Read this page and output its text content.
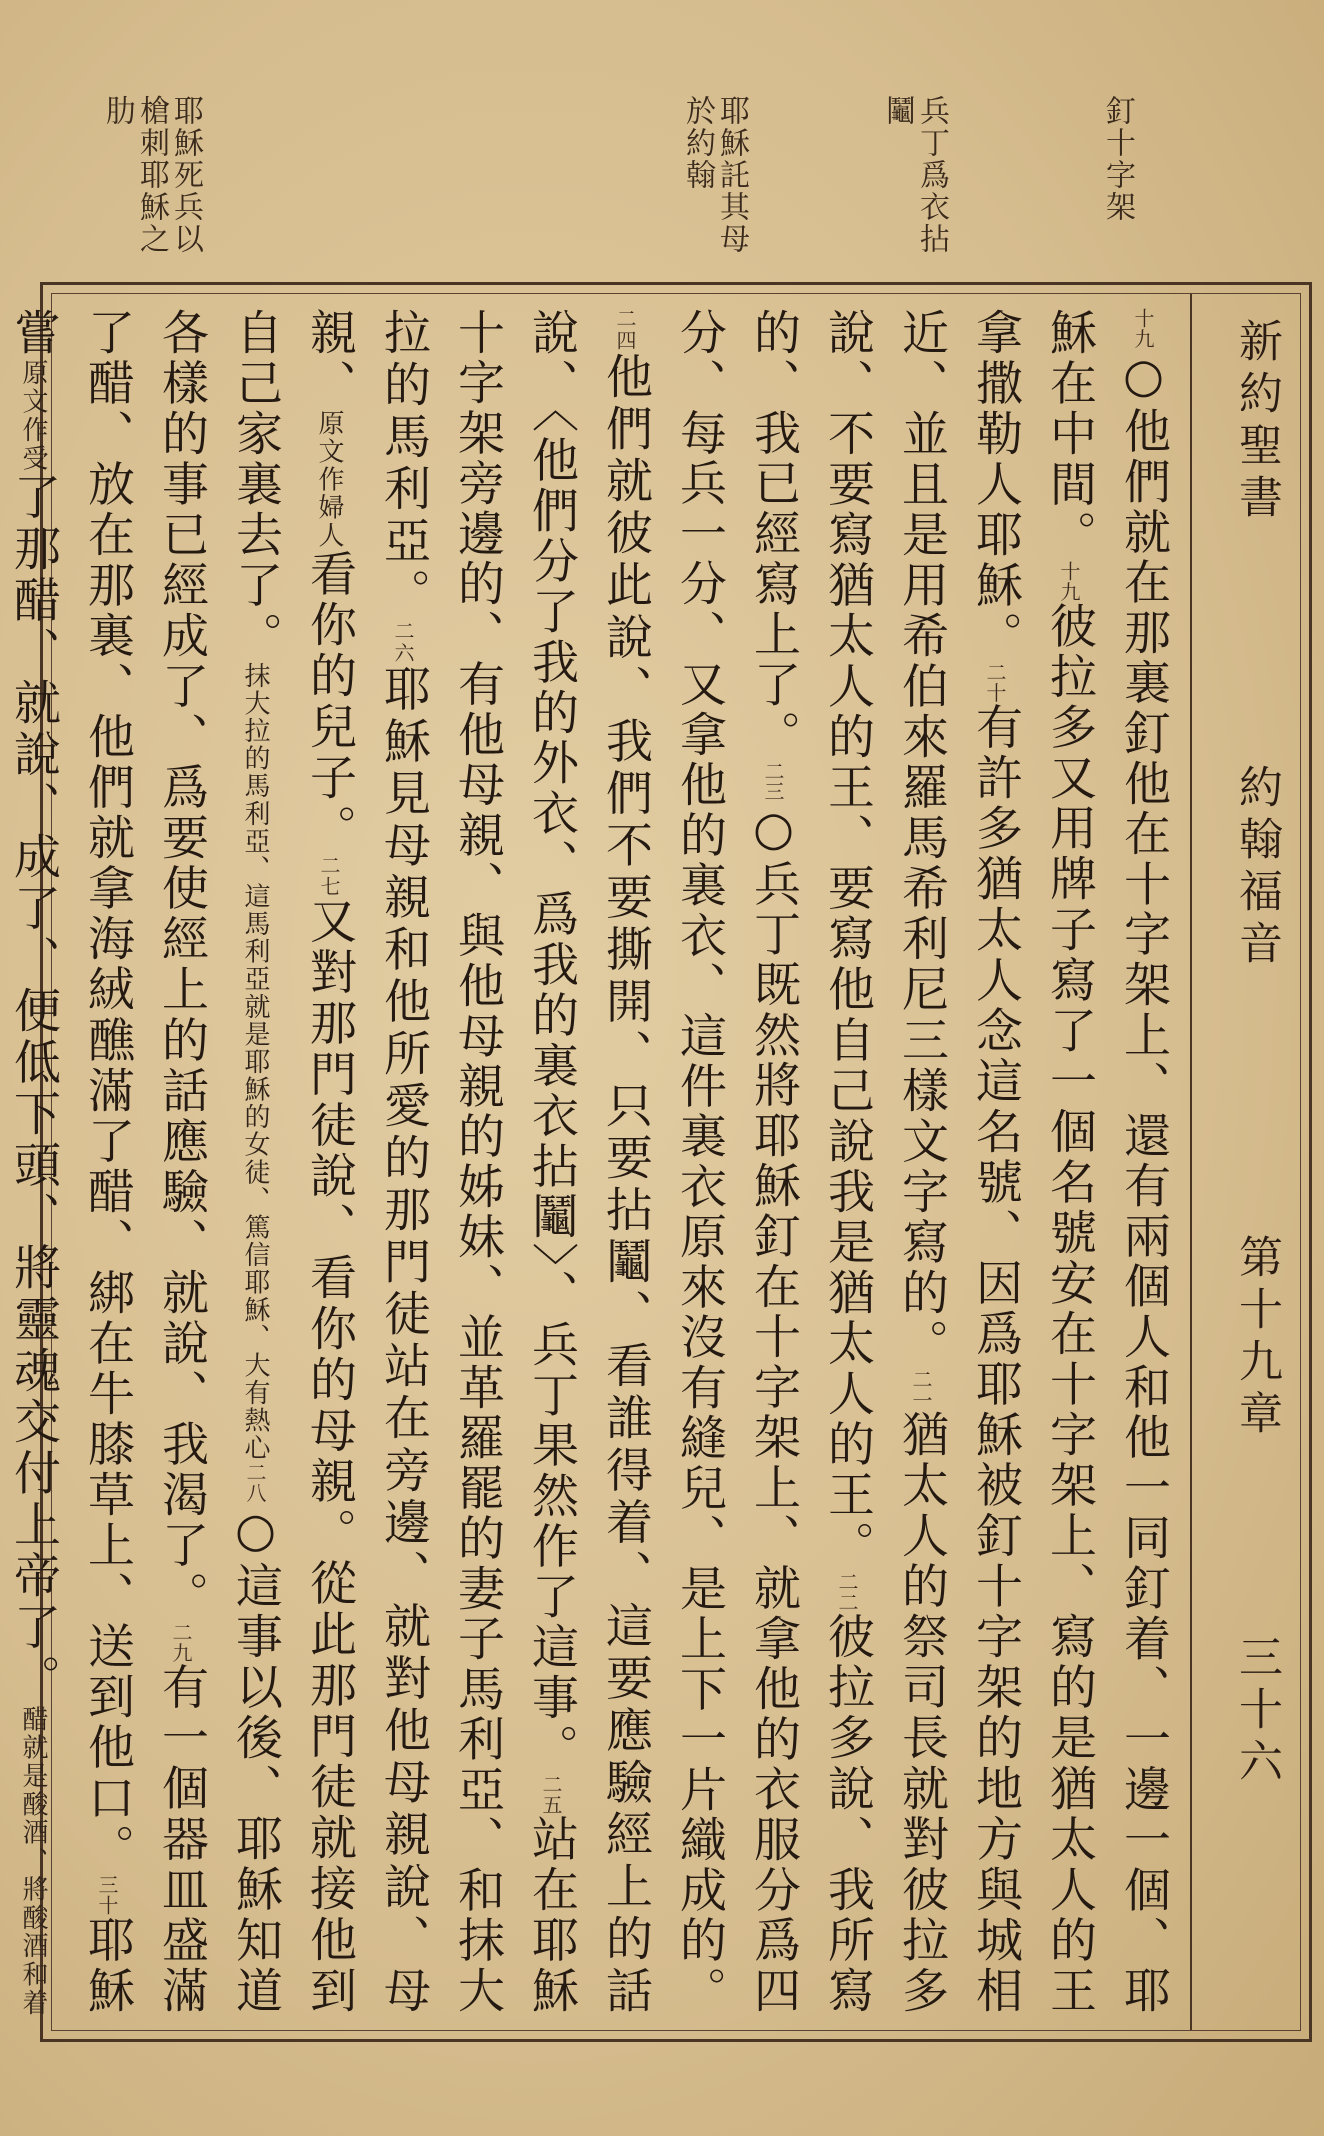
釘十字架
兵丁爲衣拈鬮
耶穌託其母於約翰
耶穌死兵以槍刺耶穌之肋
新約聖書
約翰福音
第十九章
三十六
十九○他們就在那裏釘他在十字架上、還有兩個人和他一同釘着、一邊一個、耶穌在中間。十九彼拉多又用牌子寫了一個名號安在十字架上、寫的是猶太人的王拿撒勒人耶穌。二十有許多猶太人念這名號、因爲耶穌被釘十字架的地方與城相近、並且是用希伯來羅馬希利尼三樣文字寫的。二一猶太人的祭司長就對彼拉多說、不要寫猶太人的王、要寫他自己說我是猶太人的王。二二彼拉多說、我所寫的、我已經寫上了。二三○兵丁既然將耶穌釘在十字架上、就拿他的衣服分爲四分、每兵一分、又拿他的裏衣、這件裏衣原來沒有縫兒、是上下一片織成的。二四他們就彼此說、我們不要撕開、只要拈鬮、看誰得着、這要應驗經上的話說、〈他們分了我的外衣、爲我的裏衣拈鬮〉、兵丁果然作了這事。二五站在耶穌十字架旁邊的、有他母親、與他母親的姊妹、並革羅罷的妻子馬利亞、和抹大拉的馬利亞。二六耶穌見母親和他所愛的那門徒站在旁邊、就對他母親說、母親、原文作婦人看你的兒子。二七又對那門徒說、看你的母親。從此那門徒就接他到自己家裏去了。抹大拉的馬利亞、這馬利亞就是耶穌的女徒、篤信耶穌、大有熱心二八○這事以後、耶穌知道各樣的事已經成了、爲要使經上的話應驗、就說、我渴了。二九有一個器皿盛滿了醋、放在那裏、他們就拿海絨醮滿了醋、綁在牛膝草上、送到他口。三十耶穌嘗原文作受了那醋、就說、成了、便低下頭、將靈魂交付上帝了。醋就是酸酒、將酸酒和着
